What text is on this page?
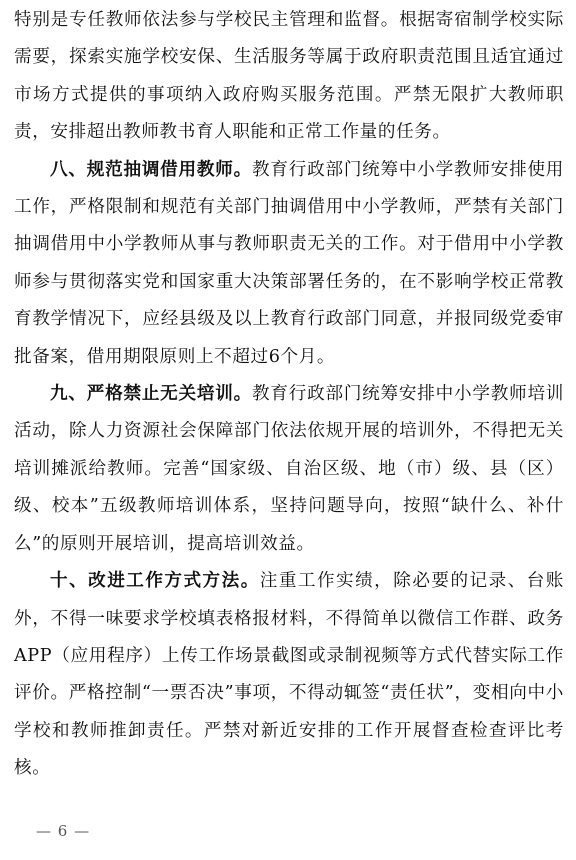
特别是专任教师依法参与学校民主管理和监督。根据寄宿制学校实际需要，探索实施学校安保、生活服务等属于政府职责范围且适宜通过市场方式提供的事项纳入政府购买服务范围。严禁无限扩大教师职责，安排超出教师教书育人职能和正常工作量的任务。

八、规范抽调借用教师。教育行政部门统筹中小学教师安排使用工作，严格限制和规范有关部门抽调借用中小学教师，严禁有关部门抽调借用中小学教师从事与教师职责无关的工作。对于借用中小学教师参与贯彻落实党和国家重大决策部署任务的，在不影响学校正常教育教学情况下，应经县级及以上教育行政部门同意，并报同级党委审批备案，借用期限原则上不超过6个月。

九、严格禁止无关培训。教育行政部门统筹安排中小学教师培训活动，除人力资源社会保障部门依法依规开展的培训外，不得把无关培训摊派给教师。完善“国家级、自治区级、地（市）级、县（区）级、校本”五级教师培训体系，坚持问题导向，按照“缺什么、补什么”的原则开展培训，提高培训效益。

十、改进工作方式方法。注重工作实绩，除必要的记录、台账外，不得一味要求学校填表格报材料，不得简单以微信工作群、政务APP（应用程序）上传工作场景截图或录制视频等方式代替实际工作评价。严格控制“一票否决”事项，不得动辄签“责任状”，变相向中小学校和教师推卸责任。严禁对新近安排的工作开展督查检查评比考核。

— 6 —
